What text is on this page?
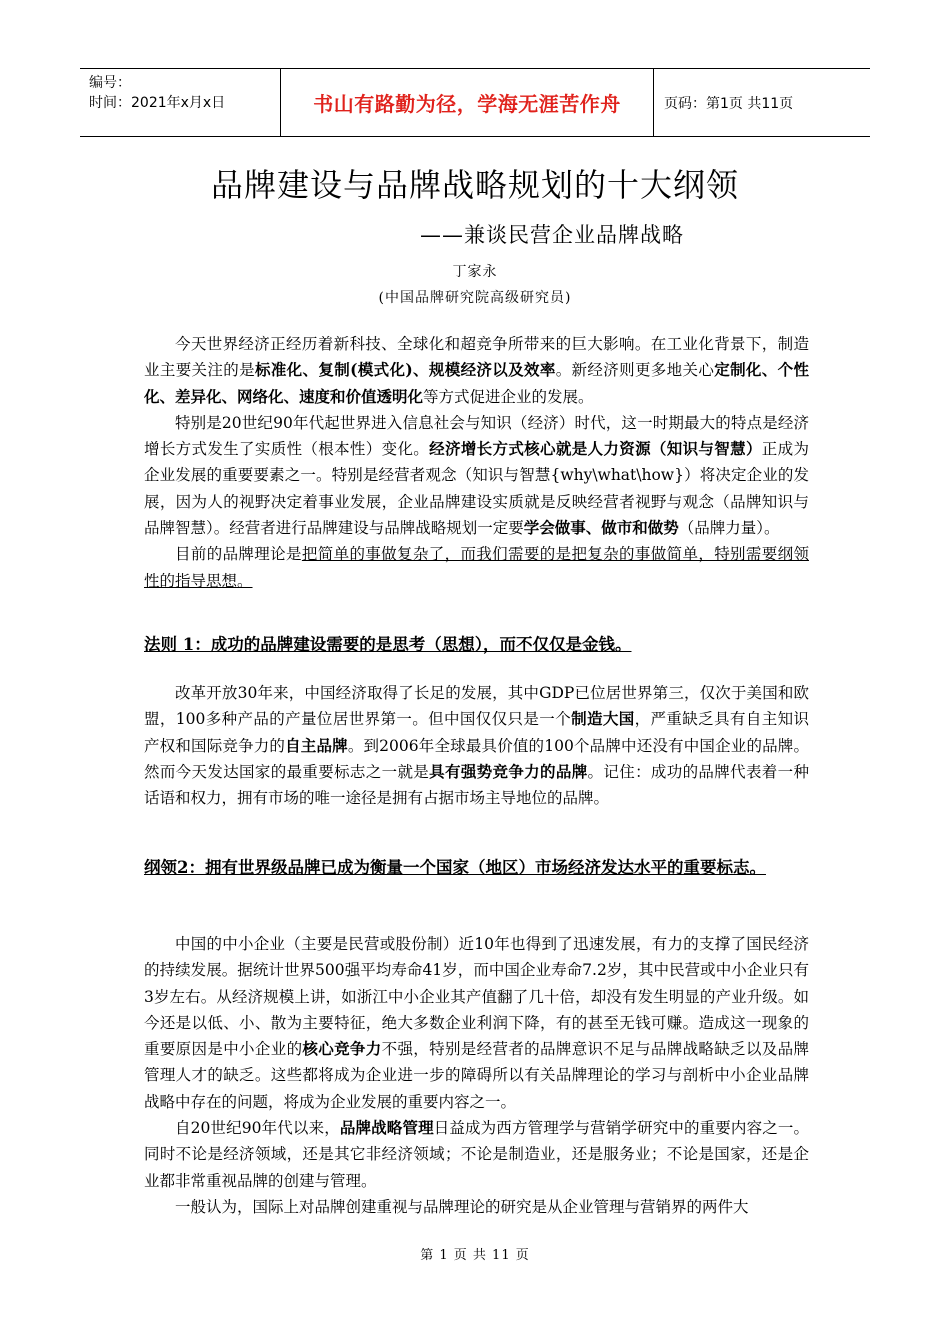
编号：
时间：2021年x月x日	书山有路勤为径，学海无涯苦作舟	页码：第1页 共11页
品牌建设与品牌战略规划的十大纲领
——兼谈民营企业品牌战略
丁家永
(中国品牌研究院高级研究员)

今天世界经济正经历着新科技、全球化和超竞争所带来的巨大影响。在工业化背景下，制造业主要关注的是标准化、复制(模式化)、规模经济以及效率。新经济则更多地关心定制化、个性化、差异化、网络化、速度和价值透明化等方式促进企业的发展。

特别是20世纪90年代起世界进入信息社会与知识（经济）时代，这一时期最大的特点是经济增长方式发生了实质性（根本性）变化。经济增长方式核心就是人力资源（知识与智慧）正成为企业发展的重要要素之一。特别是经营者观念（知识与智慧{why\what\how}）将决定企业的发展，因为人的视野决定着事业发展，企业品牌建设实质就是反映经营者视野与观念（品牌知识与品牌智慧）。经营者进行品牌建设与品牌战略规划一定要学会做事、做市和做势（品牌力量）。

目前的品牌理论是把简单的事做复杂了，而我们需要的是把复杂的事做简单，特别需要纲领性的指导思想。

法则 1：成功的品牌建设需要的是思考（思想），而不仅仅是金钱。

改革开放30年来，中国经济取得了长足的发展，其中GDP已位居世界第三，仅次于美国和欧盟，100多种产品的产量位居世界第一。但中国仅仅只是一个制造大国，严重缺乏具有自主知识产权和国际竞争力的自主品牌。到2006年全球最具价值的100个品牌中还没有中国企业的品牌。然而今天发达国家的最重要标志之一就是具有强势竞争力的品牌。记住：成功的品牌代表着一种话语和权力，拥有市场的唯一途径是拥有占据市场主导地位的品牌。

纲领2：拥有世界级品牌已成为衡量一个国家（地区）市场经济发达水平的重要标志。

中国的中小企业（主要是民营或股份制）近10年也得到了迅速发展，有力的支撑了国民经济的持续发展。据统计世界500强平均寿命41岁，而中国企业寿命7.2岁，其中民营或中小企业只有3岁左右。从经济规模上讲，如浙江中小企业其产值翻了几十倍，却没有发生明显的产业升级。如今还是以低、小、散为主要特征，绝大多数企业利润下降，有的甚至无钱可赚。造成这一现象的重要原因是中小企业的核心竞争力不强，特别是经营者的品牌意识不足与品牌战略缺乏以及品牌管理人才的缺乏。这些都将成为企业进一步的障碍所以有关品牌理论的学习与剖析中小企业品牌战略中存在的问题，将成为企业发展的重要内容之一。

自20世纪90年代以来，品牌战略管理日益成为西方管理学与营销学研究中的重要内容之一。同时不论是经济领域，还是其它非经济领域；不论是制造业，还是服务业；不论是国家，还是企业都非常重视品牌的创建与管理。

一般认为，国际上对品牌创建重视与品牌理论的研究是从企业管理与营销界的两件大

第 1 页 共 11 页
